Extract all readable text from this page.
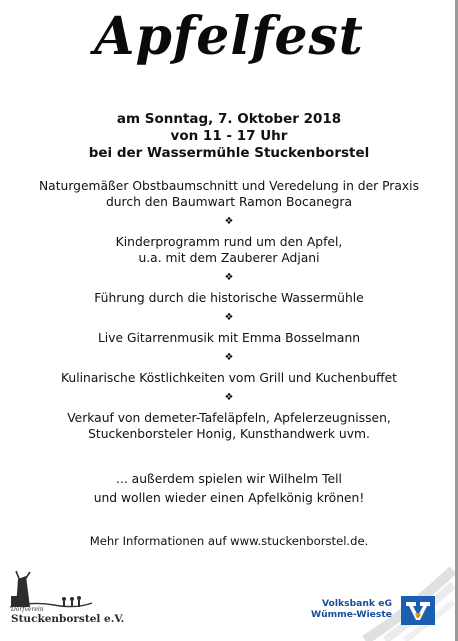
Apfelfest
am Sonntag, 7. Oktober 2018
von 11 - 17 Uhr
bei der Wassermühle Stuckenborstel
Naturgemäßer Obstbaumschnitt und Veredelung in der Praxis
durch den Baumwart Ramon Bocanegra
❖
Kinderprogramm rund um den Apfel,
u.a. mit dem Zauberer Adjani
❖
Führung durch die historische Wassermühle
❖
Live Gitarrenmusik mit Emma Bosselmann
❖
Kulinarische Köstlichkeiten vom Grill und Kuchenbuffet
❖
Verkauf von demeter-Tafeläpfeln, Apfelerzeugnissen,
Stuckenborsteler Honig, Kunsthandwerk uvm.
... außerdem spielen wir Wilhelm Tell
und wollen wieder einen Apfelkönig krönen!
Mehr Informationen auf www.stuckenborstel.de.
Dorfverein
Stuckenborstel e.V.
Volksbank eG
Wümme-Wieste
